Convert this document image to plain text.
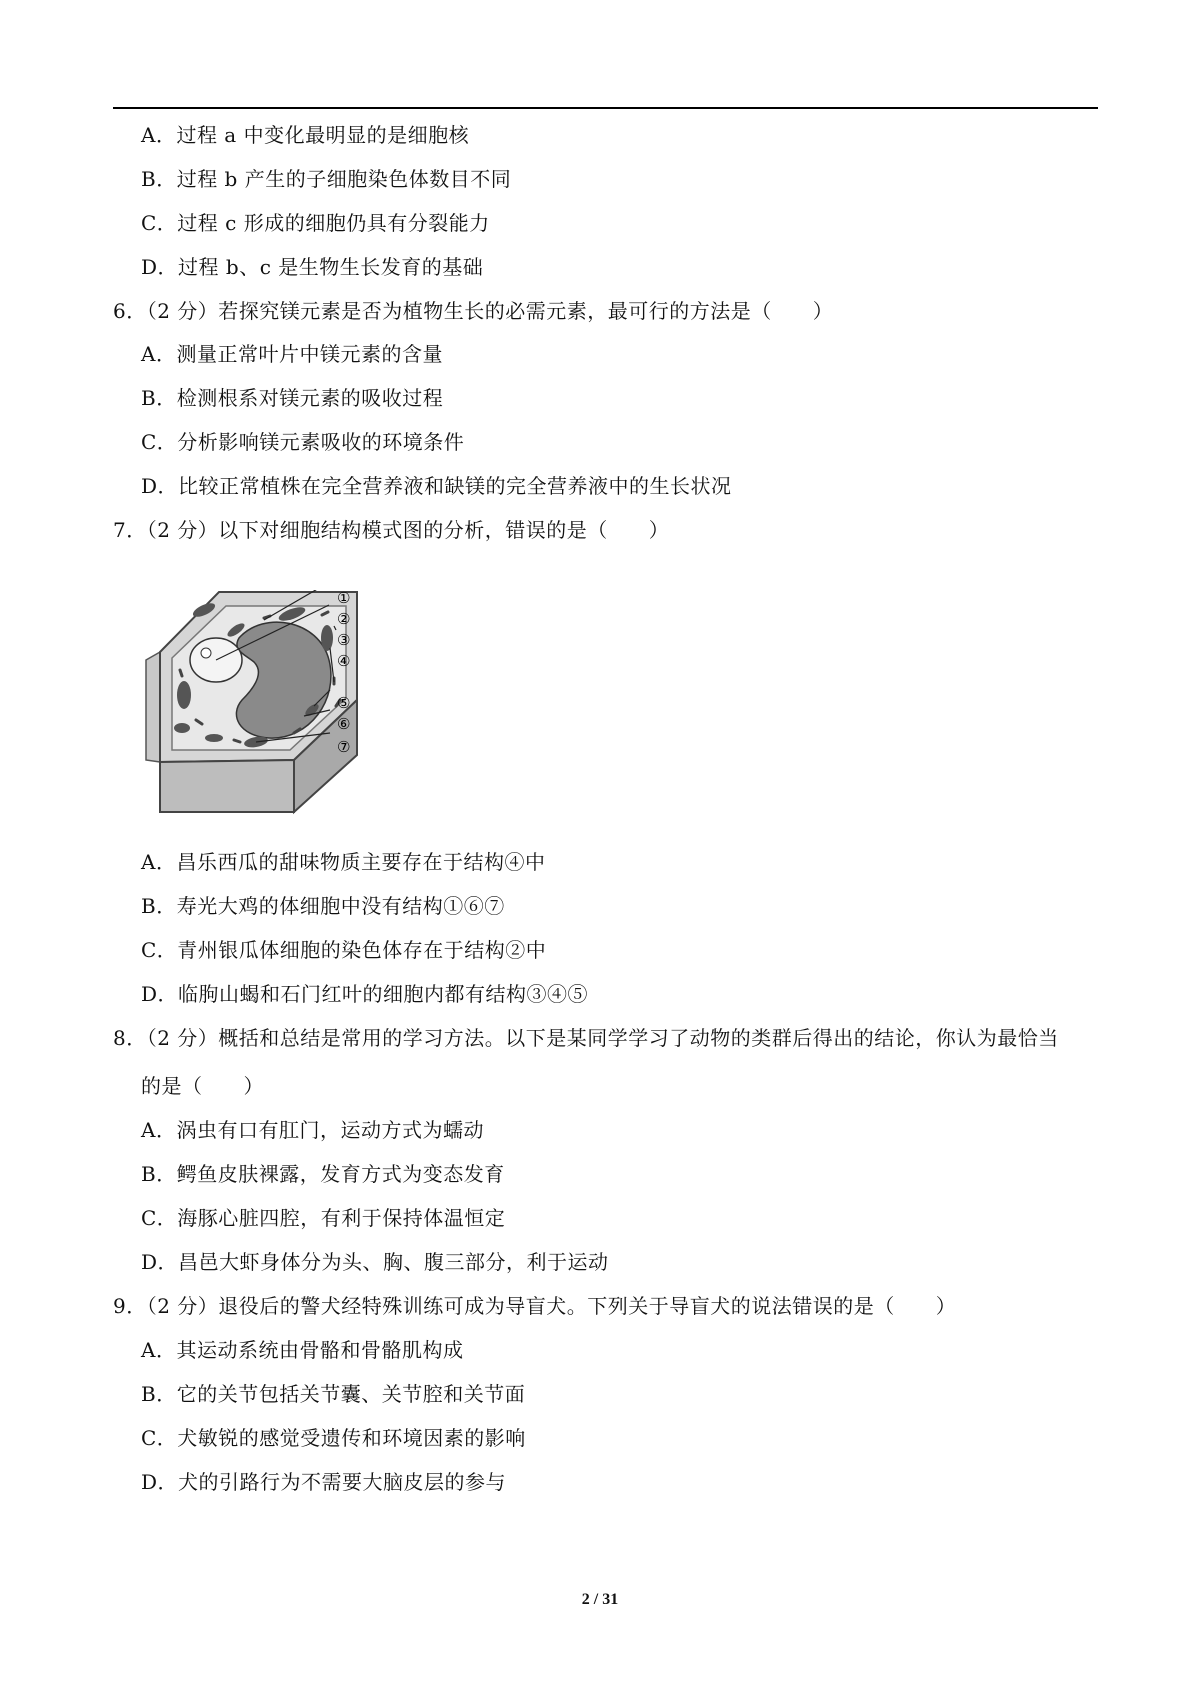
A．过程 a 中变化最明显的是细胞核
B．过程 b 产生的子细胞染色体数目不同
C．过程 c 形成的细胞仍具有分裂能力
D．过程 b、c 是生物生长发育的基础
6．（2 分）若探究镁元素是否为植物生长的必需元素，最可行的方法是（　　）
A．测量正常叶片中镁元素的含量
B．检测根系对镁元素的吸收过程
C．分析影响镁元素吸收的环境条件
D．比较正常植株在完全营养液和缺镁的完全营养液中的生长状况
7．（2 分）以下对细胞结构模式图的分析，错误的是（　　）
①
②
③
④
⑤
⑥
⑦
A．昌乐西瓜的甜味物质主要存在于结构④中
B．寿光大鸡的体细胞中没有结构①⑥⑦
C．青州银瓜体细胞的染色体存在于结构②中
D．临朐山蝎和石门红叶的细胞内都有结构③④⑤
8．（2 分）概括和总结是常用的学习方法。以下是某同学学习了动物的类群后得出的结论，你认为最恰当
的是（　　）
A．涡虫有口有肛门，运动方式为蠕动
B．鳄鱼皮肤裸露，发育方式为变态发育
C．海豚心脏四腔，有利于保持体温恒定
D．昌邑大虾身体分为头、胸、腹三部分，利于运动
9．（2 分）退役后的警犬经特殊训练可成为导盲犬。下列关于导盲犬的说法错误的是（　　）
A．其运动系统由骨骼和骨骼肌构成
B．它的关节包括关节囊、关节腔和关节面
C．犬敏锐的感觉受遗传和环境因素的影响
D．犬的引路行为不需要大脑皮层的参与
2 / 31
